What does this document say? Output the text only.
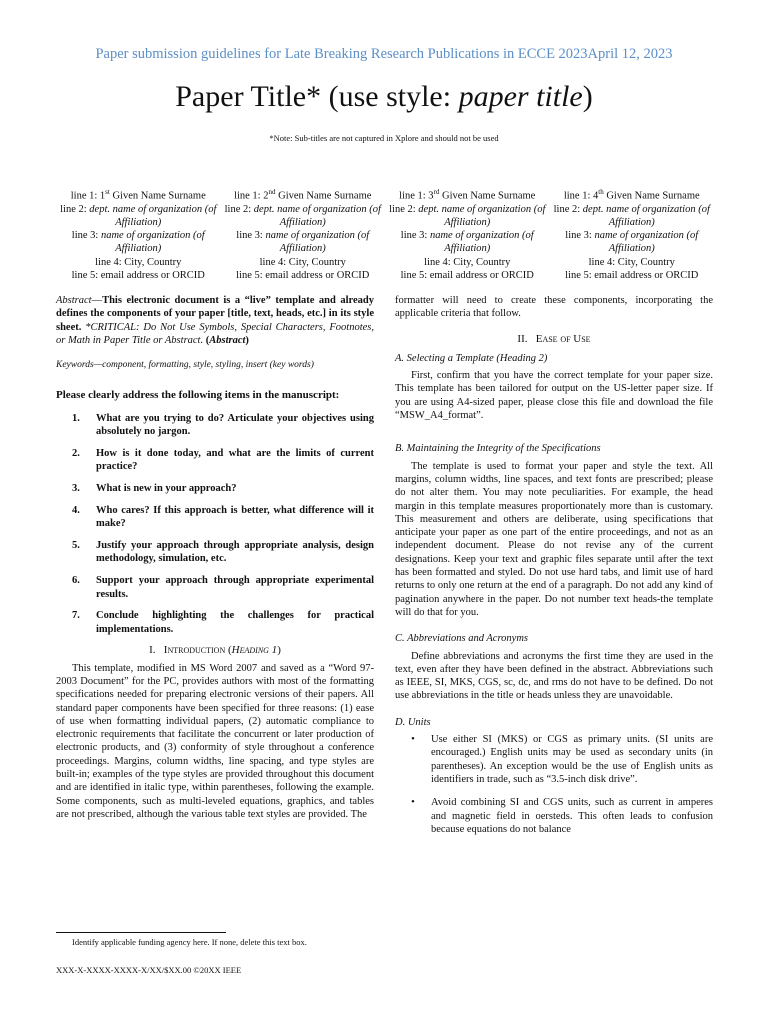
Paper submission guidelines for Late Breaking Research Publications in ECCE 2023April 12, 2023
Paper Title* (use style: paper title)
*Note: Sub-titles are not captured in Xplore and should not be used
line 1: 1st Given Name Surname
line 2: dept. name of organization (of Affiliation)
line 3: name of organization (of Affiliation)
line 4: City, Country
line 5: email address or ORCID
line 1: 2nd Given Name Surname
line 2: dept. name of organization (of Affiliation)
line 3: name of organization (of Affiliation)
line 4: City, Country
line 5: email address or ORCID
line 1: 3rd Given Name Surname
line 2: dept. name of organization (of Affiliation)
line 3: name of organization (of Affiliation)
line 4: City, Country
line 5: email address or ORCID
line 1: 4th Given Name Surname
line 2: dept. name of organization (of Affiliation)
line 3: name of organization (of Affiliation)
line 4: City, Country
line 5: email address or ORCID

Abstract—This electronic document is a “live” template and already defines the components of your paper [title, text, heads, etc.] in its style sheet. *CRITICAL: Do Not Use Symbols, Special Characters, Footnotes, or Math in Paper Title or Abstract. (Abstract)

Keywords—component, formatting, style, styling, insert (key words)

Please clearly address the following items in the manuscript:

1.	What are you trying to do? Articulate your objectives using absolutely no jargon.
2.	How is it done today, and what are the limits of current practice?
3.	What is new in your approach?
4.	Who cares? If this approach is better, what difference will it make?
5.	Justify your approach through appropriate analysis, design methodology, simulation, etc.
6.	Support your approach through appropriate experimental results.
7.	Conclude highlighting the challenges for practical implementations.
I. Introduction (Heading 1)

This template, modified in MS Word 2007 and saved as a “Word 97-2003 Document” for the PC, provides authors with most of the formatting specifications needed for preparing electronic versions of their papers. All standard paper components have been specified for three reasons: (1) ease of use when formatting individual papers, (2) automatic compliance to electronic requirements that facilitate the concurrent or later production of electronic products, and (3) conformity of style throughout a conference proceedings. Margins, column widths, line spacing, and type styles are built-in; examples of the type styles are provided throughout this document and are identified in italic type, within parentheses, following the example. Some components, such as multi-leveled equations, graphics, and tables are not prescribed, although the various table text styles are provided. The

formatter will need to create these components, incorporating the applicable criteria that follow.

II. Ease of Use
A. Selecting a Template (Heading 2)

First, confirm that you have the correct template for your paper size. This template has been tailored for output on the US-letter paper size. If you are using A4-sized paper, please close this file and download the file “MSW_A4_format”.

B. Maintaining the Integrity of the Specifications

The template is used to format your paper and style the text. All margins, column widths, line spaces, and text fonts are prescribed; please do not alter them. You may note peculiarities. For example, the head margin in this template measures proportionately more than is customary. This measurement and others are deliberate, using specifications that anticipate your paper as one part of the entire proceedings, and not as an independent document. Please do not revise any of the current designations. Keep your text and graphic files separate until after the text has been formatted and styled. Do not use hard tabs, and limit use of hard returns to only one return at the end of a paragraph. Do not add any kind of pagination anywhere in the paper. Do not number text heads-the template will do that for you.

C. Abbreviations and Acronyms

Define abbreviations and acronyms the first time they are used in the text, even after they have been defined in the abstract. Abbreviations such as IEEE, SI, MKS, CGS, sc, dc, and rms do not have to be defined. Do not use abbreviations in the title or heads unless they are unavoidable.

D. Units
•	Use either SI (MKS) or CGS as primary units. (SI units are encouraged.) English units may be used as secondary units (in parentheses). An exception would be the use of English units as identifiers in trade, such as “3.5-inch disk drive”.
•	Avoid combining SI and CGS units, such as current in amperes and magnetic field in oersteds. This often leads to confusion because equations do not balance
Identify applicable funding agency here. If none, delete this text box.
XXX-X-XXXX-XXXX-X/XX/$XX.00 ©20XX IEEE
